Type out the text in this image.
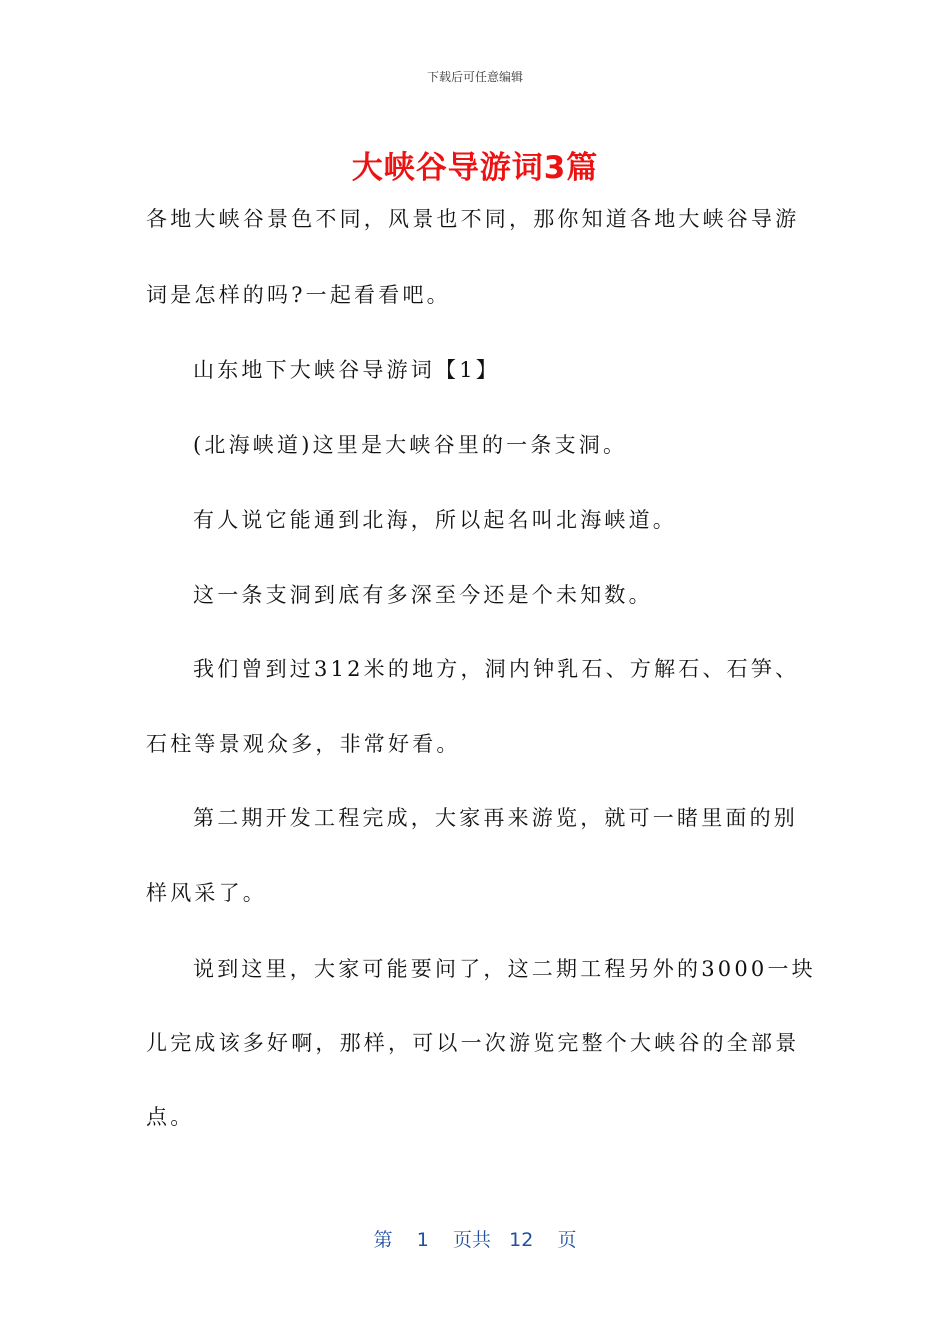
下载后可任意编辑
大峡谷导游词3篇
各地大峡谷景色不同，风景也不同，那你知道各地大峡谷导游
词是怎样的吗?一起看看吧。
山东地下大峡谷导游词【1】
(北海峡道)这里是大峡谷里的一条支洞。
有人说它能通到北海，所以起名叫北海峡道。
这一条支洞到底有多深至今还是个未知数。
我们曾到过312米的地方，洞内钟乳石、方解石、石笋、
石柱等景观众多，非常好看。
第二期开发工程完成，大家再来游览，就可一睹里面的别
样风采了。
说到这里，大家可能要问了，这二期工程另外的3000一块
儿完成该多好啊，那样，可以一次游览完整个大峡谷的全部景
点。
第 1 页共 12 页
